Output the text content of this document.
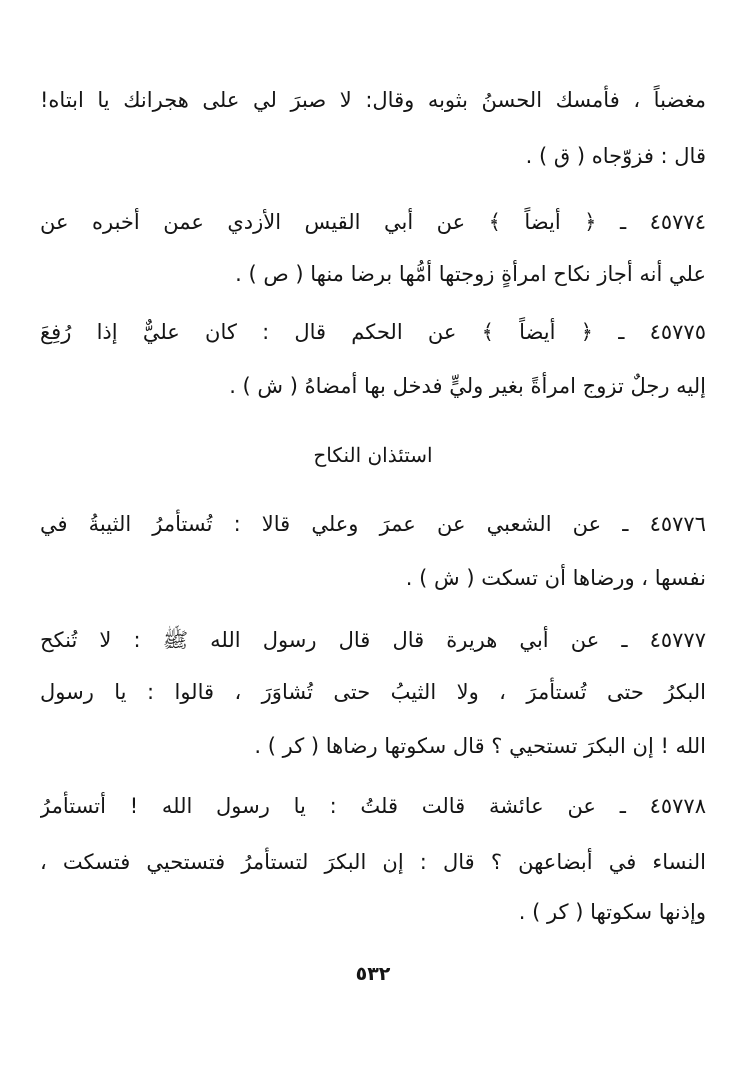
مغضباً ، فأمسك الحسنُ بثوبه وقال: لا صبرَ لي على هجرانك يا ابتاه!
قال : فزوّجاه ( ق ) .
٤٥٧٧٤ ـ ﴿ أيضاً ﴾ عن أبي القيس الأزدي عمن أخبره عن
علي أنه أجاز نكاح امرأةٍ زوجتها أمُّها برضا منها ( ص ) .
٤٥٧٧٥ ـ ﴿ أيضاً ﴾ عن الحكم قال : كان عليٌّ إذا رُفِعَ
إليه رجلٌ تزوج امرأةً بغير وليٍّ فدخل بها أمضاهُ ( ش ) .
استئذان النكاح
٤٥٧٧٦ ـ عن الشعبي عن عمرَ وعلي قالا : تُستأمرُ الثيبةُ في
نفسها ، ورضاها أن تسكت ( ش ) .
٤٥٧٧٧ ـ عن أبي هريرة قال قال رسول الله ﷺ : لا تُنكح
البكرُ حتى تُستأمرَ ، ولا الثيبُ حتى تُشاوَرَ ، قالوا : يا رسول
الله ! إن البكرَ تستحيي ؟ قال سكوتها رضاها ( كر ) .
٤٥٧٧٨ ـ عن عائشة قالت قلتُ : يا رسول الله ! أتستأمرُ
النساء في أبضاعهن ؟ قال : إن البكرَ لتستأمرُ فتستحيي فتسكت ،
وإذنها سكوتها ( كر ) .
٥٣٢
